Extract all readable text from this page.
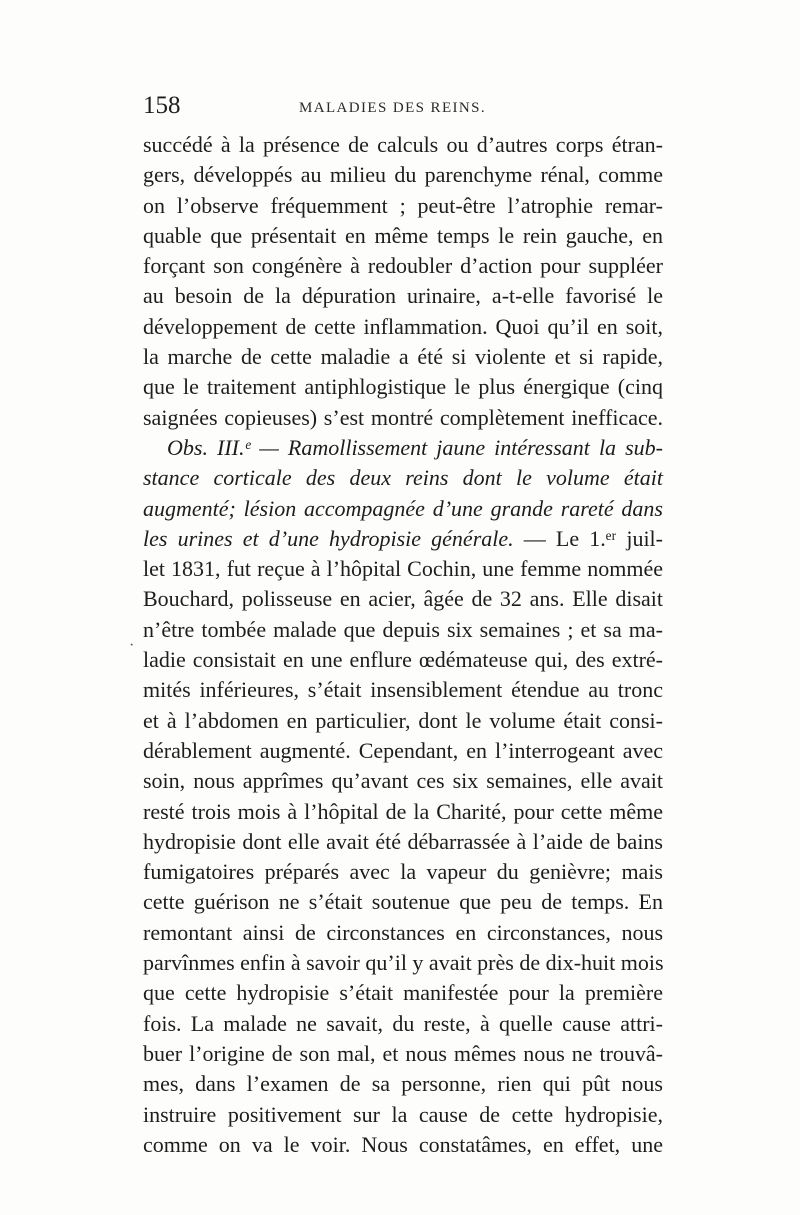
158	MALADIES DES REINS.
·
succédé à la présence de calculs ou d’autres corps étran-
gers, développés au milieu du parenchyme rénal, comme
on l’observe fréquemment ; peut-être l’atrophie remar-
quable que présentait en même temps le rein gauche, en
forçant son congénère à redoubler d’action pour suppléer
au besoin de la dépuration urinaire, a-t-elle favorisé le
développement de cette inflammation. Quoi qu’il en soit,
la marche de cette maladie a été si violente et si rapide,
que le traitement antiphlogistique le plus énergique (cinq
saignées copieuses) s’est montré complètement inefficace.
Obs. III.ᵉ — Ramollissement jaune intéressant la sub-
stance corticale des deux reins dont le volume était
augmenté; lésion accompagnée d’une grande rareté dans
les urines et d’une hydropisie générale. — Le 1.ᵉʳ juil-
let 1831, fut reçue à l’hôpital Cochin, une femme nommée
Bouchard, polisseuse en acier, âgée de 32 ans. Elle disait
n’être tombée malade que depuis six semaines ; et sa ma-
ladie consistait en une enflure œdémateuse qui, des extré-
mités inférieures, s’était insensiblement étendue au tronc
et à l’abdomen en particulier, dont le volume était consi-
dérablement augmenté. Cependant, en l’interrogeant avec
soin, nous apprîmes qu’avant ces six semaines, elle avait
resté trois mois à l’hôpital de la Charité, pour cette même
hydropisie dont elle avait été débarrassée à l’aide de bains
fumigatoires préparés avec la vapeur du genièvre; mais
cette guérison ne s’était soutenue que peu de temps. En
remontant ainsi de circonstances en circonstances, nous
parvînmes enfin à savoir qu’il y avait près de dix-huit mois
que cette hydropisie s’était manifestée pour la première
fois. La malade ne savait, du reste, à quelle cause attri-
buer l’origine de son mal, et nous mêmes nous ne trouvâ-
mes, dans l’examen de sa personne, rien qui pût nous
instruire positivement sur la cause de cette hydropisie,
comme on va le voir. Nous constatâmes, en effet, une
